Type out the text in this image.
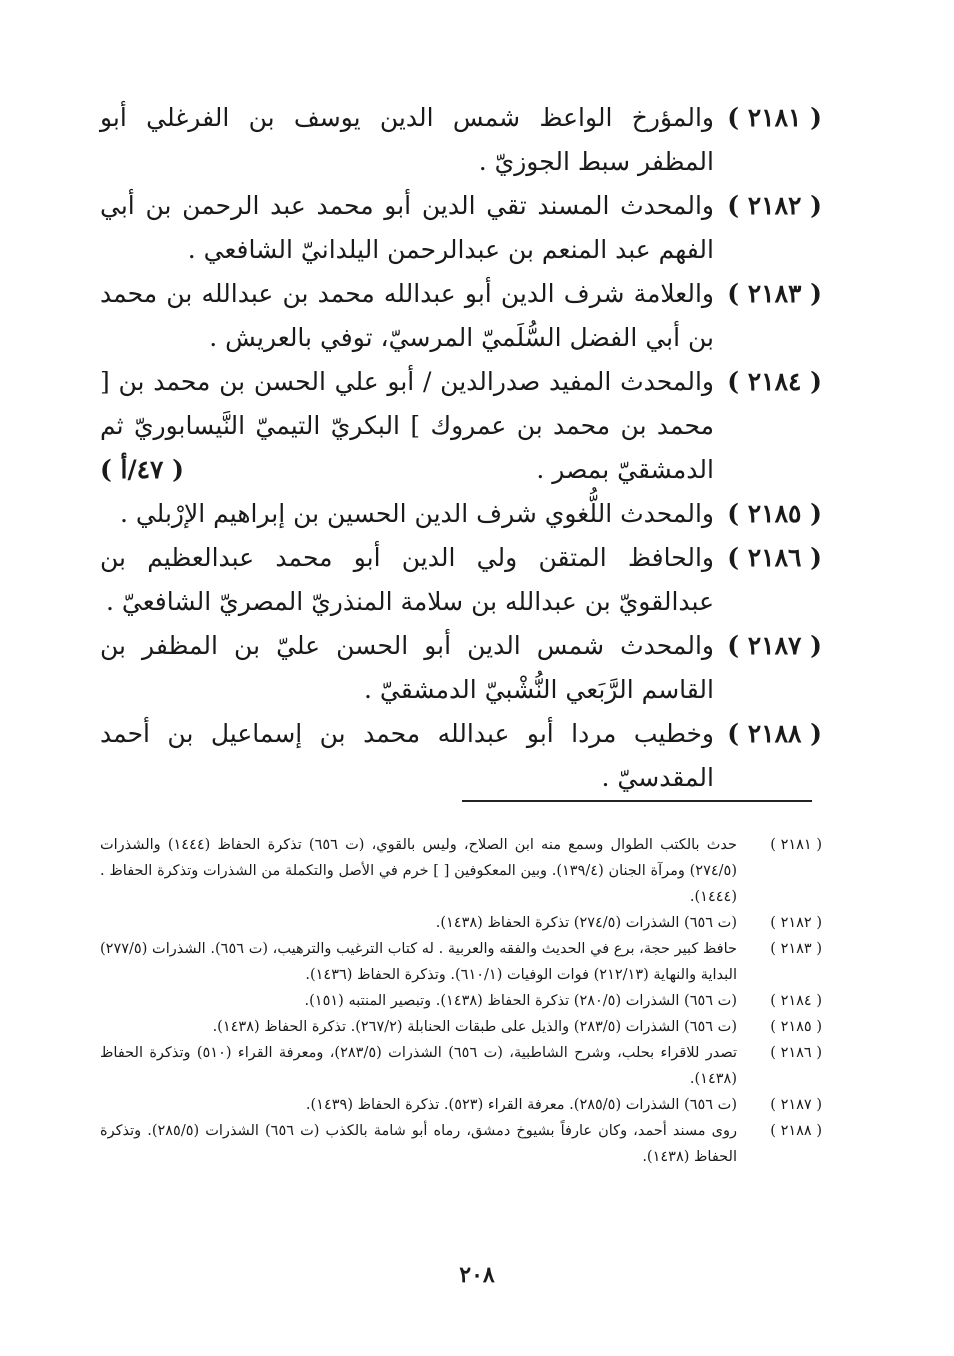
( ٢١٨١ )
والمؤرخ الواعظ شمس الدين يوسف بن الفرغلي أبو المظفر سبط الجوزيّ .
( ٢١٨٢ )
والمحدث المسند تقي الدين أبو محمد عبد الرحمن بن أبي الفهم عبد المنعم بن عبدالرحمن اليلدانيّ الشافعي .
( ٢١٨٣ )
والعلامة شرف الدين أبو عبدالله محمد بن عبدالله بن محمد بن أبي الفضل السُّلَميّ المرسيّ، توفي بالعريش .
( ٢١٨٤ )
والمحدث المفيد صدرالدين / أبو علي الحسن بن محمد بن [ محمد بن محمد بن عمروك ] البكريّ التيميّ النَّيسابوريّ ثم الدمشقيّ بمصر .
( ٤٧/أ )
( ٢١٨٥ )
والمحدث اللُّغوي شرف الدين الحسين بن إبراهيم الإرْبلي .
( ٢١٨٦ )
والحافظ المتقن ولي الدين أبو محمد عبدالعظيم بن عبدالقويّ بن عبدالله بن سلامة المنذريّ المصريّ الشافعيّ .
( ٢١٨٧ )
والمحدث شمس الدين أبو الحسن عليّ بن المظفر بن القاسم الرَّبَعي النُّشْبيّ الدمشقيّ .
( ٢١٨٨ )
وخطيب مردا أبو عبدالله محمد بن إسماعيل بن أحمد المقدسيّ .
( ٢١٨١ )
حدث بالكتب الطوال وسمع منه ابن الصلاح، وليس بالقوي، (ت ٦٥٦) تذكرة الحفاظ (١٤٤٤) والشذرات (٢٧٤/٥) ومرآة الجنان (١٣٩/٤). وبين المعكوفين [ ] خرم في الأصل والتكملة من الشذرات وتذكرة الحفاظ . (١٤٤٤).
( ٢١٨٢ )
(ت ٦٥٦) الشذرات (٢٧٤/٥) تذكرة الحفاظ (١٤٣٨).
( ٢١٨٣ )
حافظ كبير حجة، برع في الحديث والفقه والعربية . له كتاب الترغيب والترهيب، (ت ٦٥٦). الشذرات (٢٧٧/٥) البداية والنهاية (٢١٢/١٣) فوات الوفيات (٦١٠/١). وتذكرة الحفاظ (١٤٣٦).
( ٢١٨٤ )
(ت ٦٥٦) الشذرات (٢٨٠/٥) تذكرة الحفاظ (١٤٣٨). وتبصير المنتبه (١٥١).
( ٢١٨٥ )
(ت ٦٥٦) الشذرات (٢٨٣/٥) والذيل على طبقات الحنابلة (٢٦٧/٢). تذكرة الحفاظ (١٤٣٨).
( ٢١٨٦ )
تصدر للاقراء بحلب، وشرح الشاطبية، (ت ٦٥٦) الشذرات (٢٨٣/٥)، ومعرفة القراء (٥١٠) وتذكرة الحفاظ (١٤٣٨).
( ٢١٨٧ )
(ت ٦٥٦) الشذرات (٢٨٥/٥). معرفة القراء (٥٢٣). تذكرة الحفاظ (١٤٣٩).
( ٢١٨٨ )
روى مسند أحمد، وكان عارفاً بشيوخ دمشق، رماه أبو شامة بالكذب (ت ٦٥٦) الشذرات (٢٨٥/٥). وتذكرة الحفاظ (١٤٣٨).
٢٠٨
